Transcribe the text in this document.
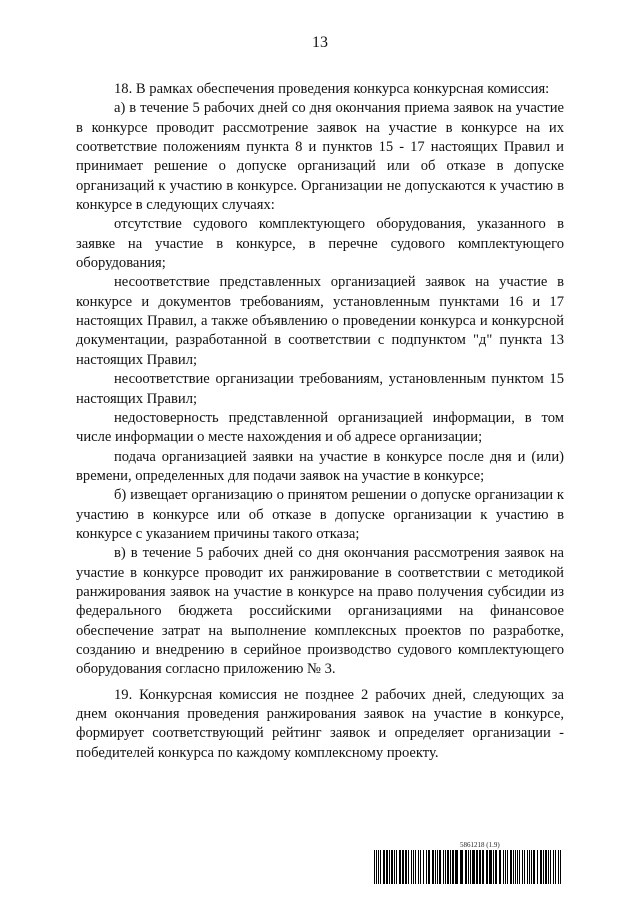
13

18. В рамках обеспечения проведения конкурса конкурсная комиссия:

а) в течение 5 рабочих дней со дня окончания приема заявок на участие в конкурсе проводит рассмотрение заявок на участие в конкурсе на их соответствие положениям пункта 8 и пунктов 15 - 17 настоящих Правил и принимает решение о допуске организаций или об отказе в допуске организаций к участию в конкурсе. Организации не допускаются к участию в конкурсе в следующих случаях:

отсутствие судового комплектующего оборудования, указанного в заявке на участие в конкурсе, в перечне судового комплектующего оборудования;

несоответствие представленных организацией заявок на участие в конкурсе и документов требованиям, установленным пунктами 16 и 17 настоящих Правил, а также объявлению о проведении конкурса и конкурсной документации, разработанной в соответствии с подпунктом "д" пункта 13 настоящих Правил;

несоответствие организации требованиям, установленным пунктом 15 настоящих Правил;

недостоверность представленной организацией информации, в том числе информации о месте нахождения и об адресе организации;

подача организацией заявки на участие в конкурсе после дня и (или) времени, определенных для подачи заявок на участие в конкурсе;

б) извещает организацию о принятом решении о допуске организации к участию в конкурсе или об отказе в допуске организации к участию в конкурсе с указанием причины такого отказа;

в) в течение 5 рабочих дней со дня окончания рассмотрения заявок на участие в конкурсе проводит их ранжирование в соответствии с методикой ранжирования заявок на участие в конкурсе на право получения субсидии из федерального бюджета российскими организациями на финансовое обеспечение затрат на выполнение комплексных проектов по разработке, созданию и внедрению в серийное производство судового комплектующего оборудования согласно приложению № 3.

19. Конкурсная комиссия не позднее 2 рабочих дней, следующих за днем окончания проведения ранжирования заявок на участие в конкурсе, формирует соответствующий рейтинг заявок и определяет организации - победителей конкурса по каждому комплексному проекту.

5861218 (1.9)
